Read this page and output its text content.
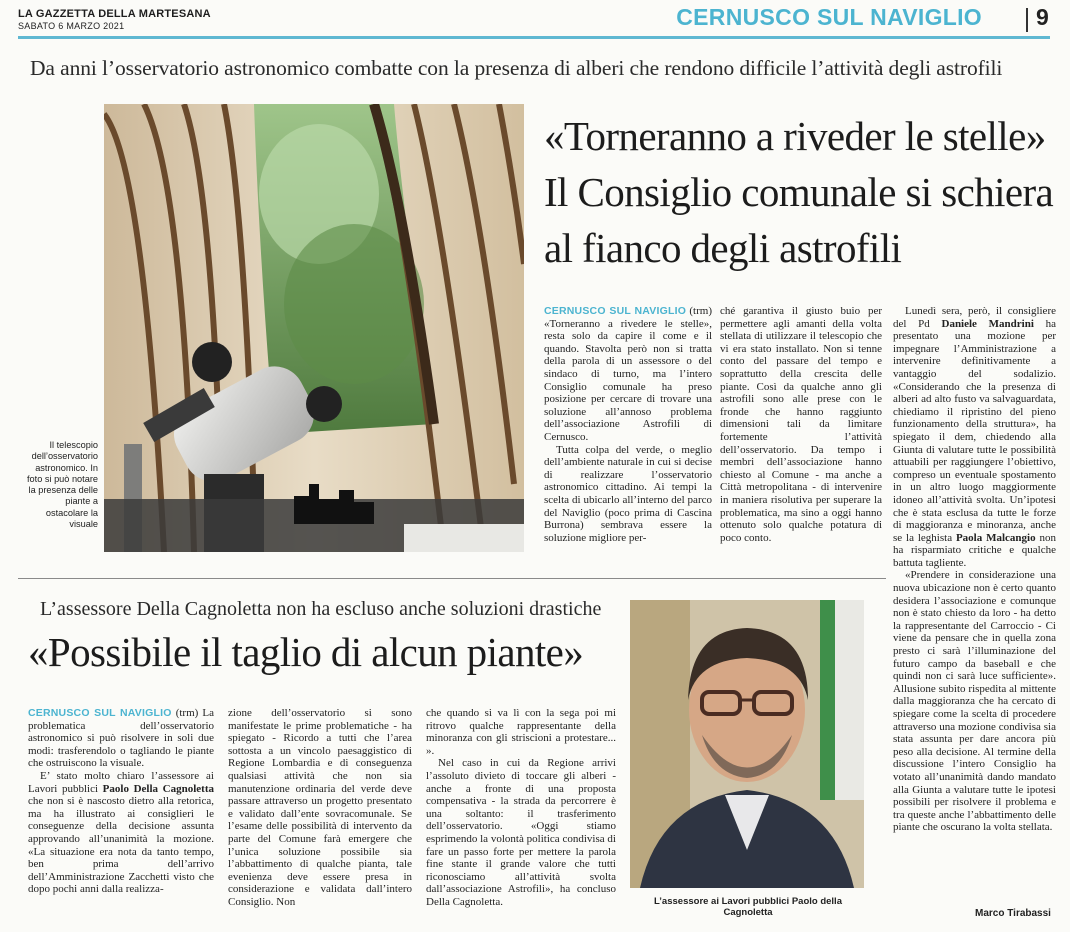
LA GAZZETTA DELLA MARTESANA
SABATO 6 MARZO 2021	CERNUSCO SUL NAVIGLIO 9
Da anni l’osservatorio astronomico combatte con la presenza di alberi che rendono difficile l’attività degli astrofili
Il telescopio dell’osservatorio astronomico. In foto si può notare la presenza delle piante a ostacolare la visuale
«Torneranno a riveder le stelle»
Il Consiglio comunale si schiera
al fianco degli astrofili

CERNUSCO SUL NAVIGLIO (trm) «Torneranno a rivedere le stelle», resta solo da capire il come e il quando. Stavolta però non si tratta della parola di un assessore o del sindaco di turno, ma l’intero Consiglio comunale ha preso posizione per cercare di trovare una soluzione all’annoso problema dell’associazione Astrofili di Cernusco.

Tutta colpa del verde, o meglio dell’ambiente naturale in cui si decise di realizzare l’osservatorio astronomico cittadino. Ai tempi la scelta di ubicarlo all’interno del parco del Naviglio (poco prima di Cascina Burrona) sembrava essere la soluzione migliore per-

ché garantiva il giusto buio per permettere agli amanti della volta stellata di utilizzare il telescopio che vi era stato installato. Non si tenne conto del passare del tempo e soprattutto della crescita delle piante. Così da qualche anno gli astrofili sono alle prese con le fronde che hanno raggiunto dimensioni tali da limitare fortemente l’attività dell’osservatorio. Da tempo i membri dell’associazione hanno chiesto al Comune - ma anche a Città metropolitana - di intervenire in maniera risolutiva per superare la problematica, ma sino a oggi hanno ottenuto solo qualche potatura di poco conto.

Lunedì sera, però, il consigliere del Pd Daniele Mandrini ha presentato una mozione per impegnare l’Amministrazione a intervenire definitivamente a vantaggio del sodalizio. «Considerando che la presenza di alberi ad alto fusto va salvaguardata, chiediamo il ripristino del pieno funzionamento della struttura», ha spiegato il dem, chiedendo alla Giunta di valutare tutte le possibilità attuabili per raggiungere l’obiettivo, compreso un eventuale spostamento in un altro luogo maggiormente idoneo all’attività svolta. Un’ipotesi che è stata esclusa da tutte le forze di maggioranza e minoranza, anche se la leghista Paola Malcangio non ha risparmiato critiche e qualche battuta tagliente.

«Prendere in considerazione una nuova ubicazione non è certo quanto desidera l’associazione e comunque non è stato chiesto da loro - ha detto la rappresentante del Carroccio - Ci viene da pensare che in quella zona presto ci sarà l’illuminazione del futuro campo da baseball e che quindi non ci sarà luce sufficiente». Allusione subito rispedita al mittente dalla maggioranza che ha cercato di spiegare come la scelta di procedere attraverso una mozione condivisa sia stata assunta per dare ancora più peso alla decisione. Al termine della discussione l’intero Consiglio ha votato all’unanimità dando mandato alla Giunta a valutare tutte le ipotesi possibili per risolvere il problema e tra queste anche l’abbattimento delle piante che oscurano la volta stellata.

Marco Tirabassi
L’assessore Della Cagnoletta non ha escluso anche soluzioni drastiche
«Possibile il taglio di alcun piante»

CERNUSCO SUL NAVIGLIO (trm) La problematica dell’osservatorio astronomico si può risolvere in soli due modi: trasferendolo o tagliando le piante che ostruiscono la visuale.

E’ stato molto chiaro l’assessore ai Lavori pubblici Paolo Della Cagnoletta che non si è nascosto dietro alla retorica, ma ha illustrato ai consiglieri le conseguenze della decisione assunta approvando all’unanimità la mozione. «La situazione era nota da tanto tempo, ben prima dell’arrivo dell’Amministrazione Zacchetti visto che dopo pochi anni dalla realizza-

zione dell’osservatorio si sono manifestate le prime problematiche - ha spiegato - Ricordo a tutti che l’area sottosta a un vincolo paesaggistico di Regione Lombardia e di conseguenza qualsiasi attività che non sia manutenzione ordinaria del verde deve passare attraverso un progetto presentato e validato dall’ente sovracomunale. Se l’esame delle possibilità di intervento da parte del Comune farà emergere che l’unica soluzione possibile sia l’abbattimento di qualche pianta, tale evenienza deve essere presa in considerazione e validata dall’intero Consiglio. Non

che quando si va lì con la sega poi mi ritrovo qualche rappresentante della minoranza con gli striscioni a protestare... ».

Nel caso in cui da Regione arrivi l’assoluto divieto di toccare gli alberi - anche a fronte di una proposta compensativa - la strada da percorrere è una soltanto: il trasferimento dell’osservatorio. «Oggi stiamo esprimendo la volontà politica condivisa di fare un passo forte per mettere la parola fine stante il grande valore che tutti riconosciamo all’attività svolta dall’associazione Astrofili», ha concluso Della Cagnoletta.	L’assessore ai Lavori pubblici Paolo della Cagnoletta
